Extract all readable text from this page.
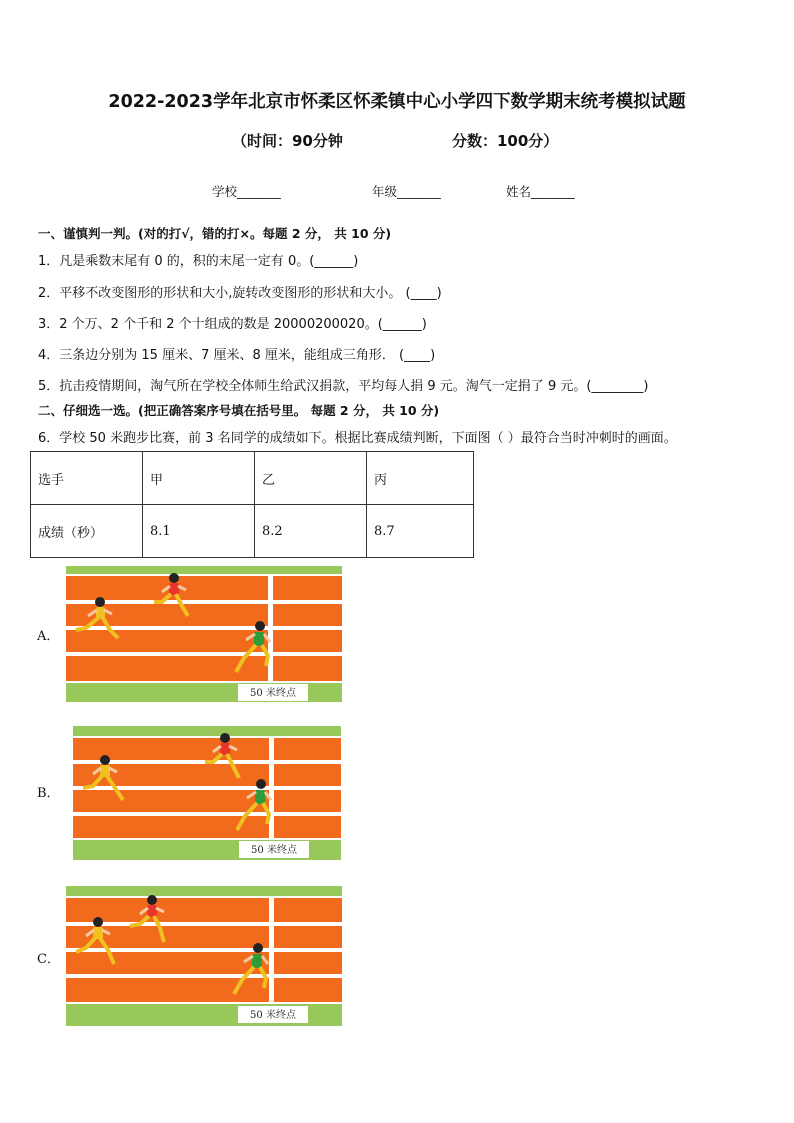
2022-2023学年北京市怀柔区怀柔镇中心小学四下数学期末统考模拟试题
（时间：90分钟	分数：100分）
学校_______	年级_______	姓名_______
一、谨慎判一判。(对的打√，错的打×。每题 2 分， 共 10 分)
1．凡是乘数末尾有 0 的，积的末尾一定有 0。(______)
2．平移不改变图形的形状和大小,旋转改变图形的形状和大小。 (____)
3．2 个万、2 个千和 2 个十组成的数是 20000200020。(______)
4．三条边分别为 15 厘米、7 厘米、8 厘米，能组成三角形． (____)
5．抗击疫情期间，淘气所在学校全体师生给武汉捐款，平均每人捐 9 元。淘气一定捐了 9 元。(________)
二、仔细选一选。(把正确答案序号填在括号里。 每题 2 分， 共 10 分)
6．学校 50 米跑步比赛，前 3 名同学的成绩如下。根据比赛成绩判断，下面图（ ）最符合当时冲刺时的画面。
选手	甲	乙	丙
成绩（秒）	8.1	8.2	8.7
A．
50 米终点
B．
50 米终点
C．
50 米终点
